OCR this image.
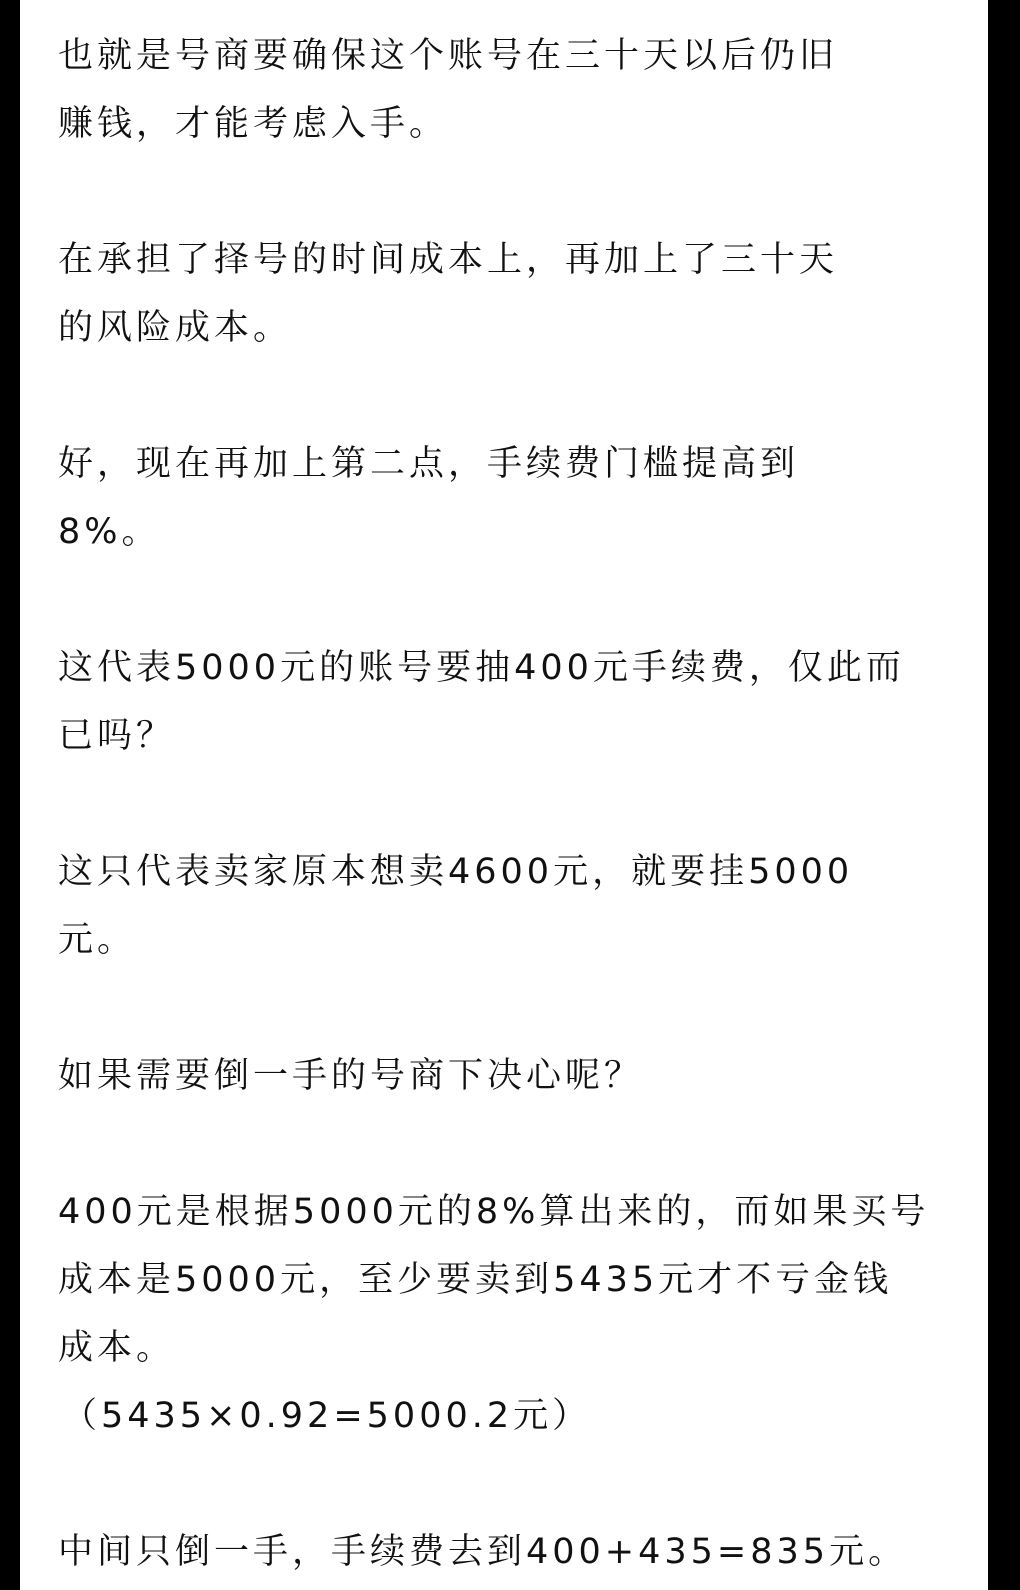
也就是号商要确保这个账号在三十天以后仍旧
赚钱，才能考虑入手。

在承担了择号的时间成本上，再加上了三十天
的风险成本。

好，现在再加上第二点，手续费门槛提高到
8%。

这代表5000元的账号要抽400元手续费，仅此而
已吗？

这只代表卖家原本想卖4600元，就要挂5000
元。

如果需要倒一手的号商下决心呢？

400元是根据5000元的8%算出来的，而如果买号
成本是5000元，至少要卖到5435元才不亏金钱
成本。
（5435×0.92=5000.2元）

中间只倒一手，手续费去到400+435=835元。
